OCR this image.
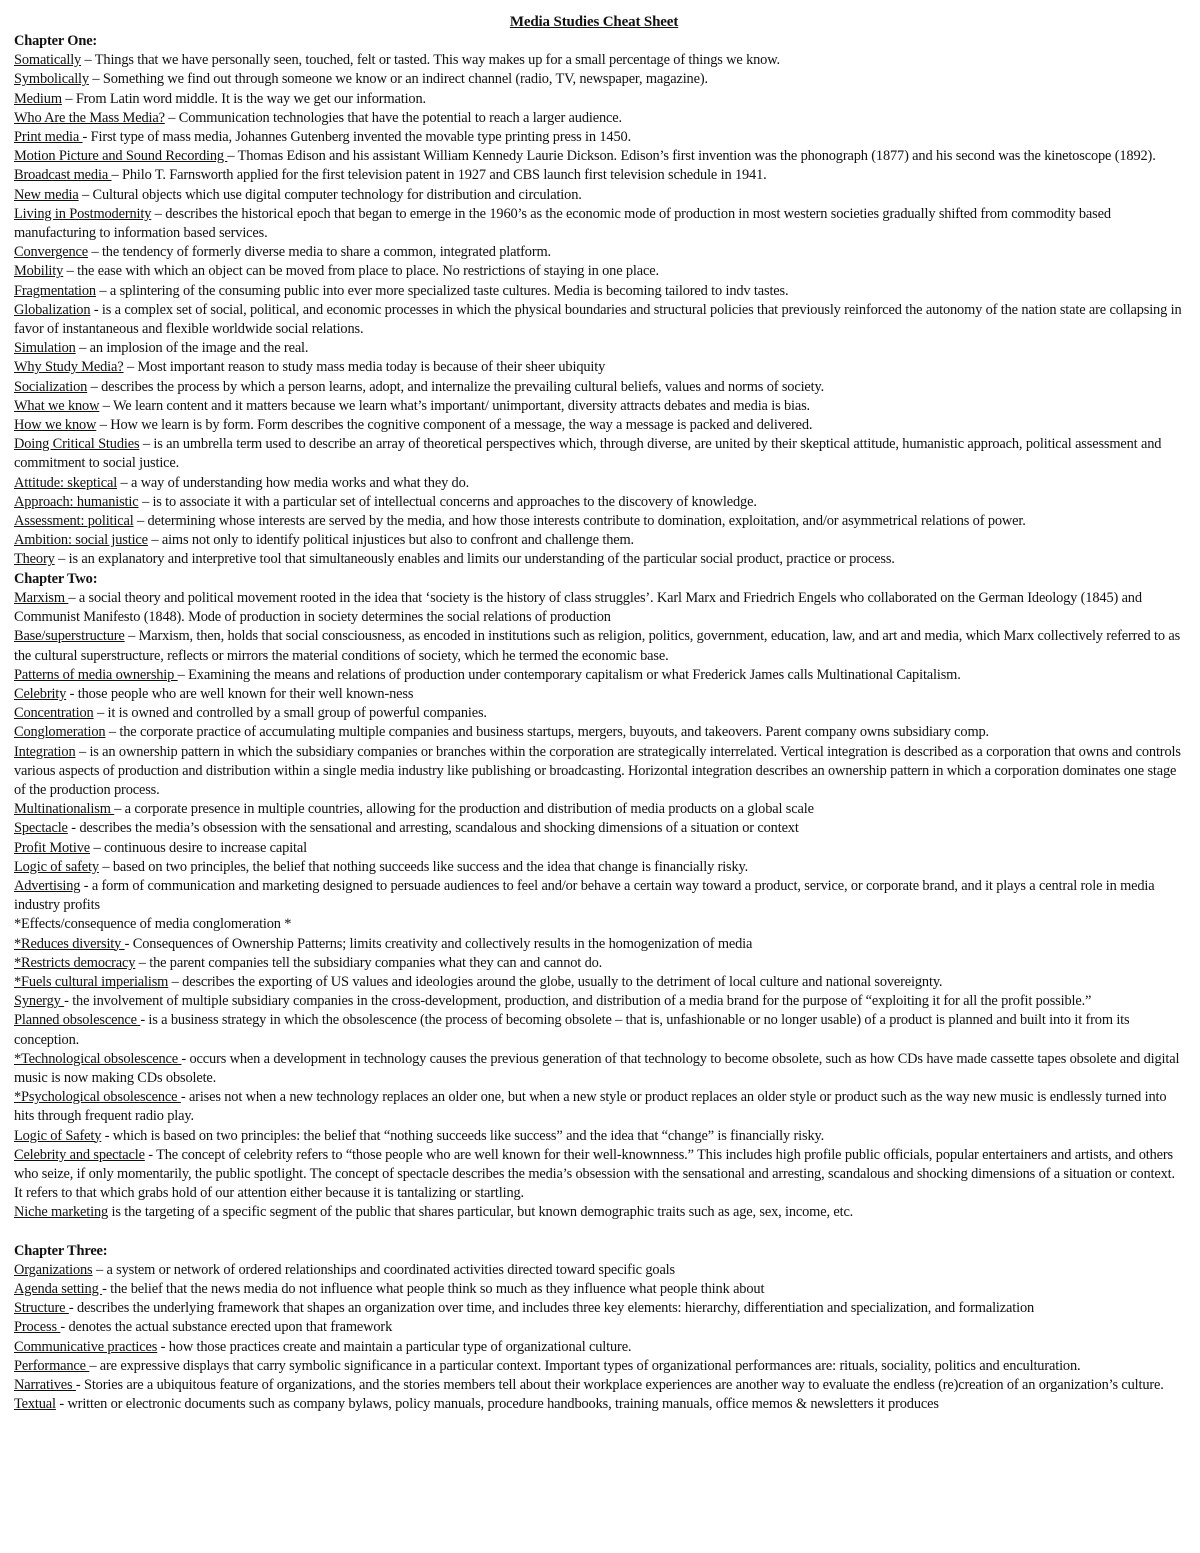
Media Studies Cheat Sheet
Chapter One:
Somatically – Things that we have personally seen, touched, felt or tasted. This way makes up for a small percentage of things we know.
Symbolically – Something we find out through someone we know or an indirect channel (radio, TV, newspaper, magazine).
Medium – From Latin word middle. It is the way we get our information.
Who Are the Mass Media? – Communication technologies that have the potential to reach a larger audience.
Print media - First type of mass media, Johannes Gutenberg invented the movable type printing press in 1450.
Motion Picture and Sound Recording – Thomas Edison and his assistant William Kennedy Laurie Dickson. Edison’s first invention was the phonograph (1877) and his second was the kinetoscope (1892).
Broadcast media – Philo T. Farnsworth applied for the first television patent in 1927 and CBS launch first television schedule in 1941.
New media – Cultural objects which use digital computer technology for distribution and circulation.
Living in Postmodernity – describes the historical epoch that began to emerge in the 1960’s as the economic mode of production in most western societies gradually shifted from commodity based manufacturing to information based services.
Convergence – the tendency of formerly diverse media to share a common, integrated platform.
Mobility – the ease with which an object can be moved from place to place. No restrictions of staying in one place.
Fragmentation – a splintering of the consuming public into ever more specialized taste cultures. Media is becoming tailored to indv tastes.
Globalization - is a complex set of social, political, and economic processes in which the physical boundaries and structural policies that previously reinforced the autonomy of the nation state are collapsing in favor of instantaneous and flexible worldwide social relations.
Simulation – an implosion of the image and the real.
Why Study Media? – Most important reason to study mass media today is because of their sheer ubiquity
Socialization – describes the process by which a person learns, adopt, and internalize the prevailing cultural beliefs, values and norms of society.
What we know – We learn content and it matters because we learn what’s important/ unimportant, diversity attracts debates and media is bias.
How we know – How we learn is by form. Form describes the cognitive component of a message, the way a message is packed and delivered.
Doing Critical Studies – is an umbrella term used to describe an array of theoretical perspectives which, through diverse, are united by their skeptical attitude, humanistic approach, political assessment and commitment to social justice.
Attitude: skeptical – a way of understanding how media works and what they do.
Approach: humanistic – is to associate it with a particular set of intellectual concerns and approaches to the discovery of knowledge.
Assessment: political – determining whose interests are served by the media, and how those interests contribute to domination, exploitation, and/or asymmetrical relations of power.
Ambition: social justice – aims not only to identify political injustices but also to confront and challenge them.
Theory – is an explanatory and interpretive tool that simultaneously enables and limits our understanding of the particular social product, practice or process.
Chapter Two:
Marxism – a social theory and political movement rooted in the idea that ‘society is the history of class struggles’. Karl Marx and Friedrich Engels who collaborated on the German Ideology (1845) and Communist Manifesto (1848). Mode of production in society determines the social relations of production
Base/superstructure – Marxism, then, holds that social consciousness, as encoded in institutions such as religion, politics, government, education, law, and art and media, which Marx collectively referred to as the cultural superstructure, reflects or mirrors the material conditions of society, which he termed the economic base.
Patterns of media ownership – Examining the means and relations of production under contemporary capitalism or what Frederick James calls Multinational Capitalism.
Celebrity - those people who are well known for their well known-ness
Concentration – it is owned and controlled by a small group of powerful companies.
Conglomeration – the corporate practice of accumulating multiple companies and business startups, mergers, buyouts, and takeovers. Parent company owns subsidiary comp.
Integration – is an ownership pattern in which the subsidiary companies or branches within the corporation are strategically interrelated. Vertical integration is described as a corporation that owns and controls various aspects of production and distribution within a single media industry like publishing or broadcasting. Horizontal integration describes an ownership pattern in which a corporation dominates one stage of the production process.
Multinationalism – a corporate presence in multiple countries, allowing for the production and distribution of media products on a global scale
Spectacle - describes the media’s obsession with the sensational and arresting, scandalous and shocking dimensions of a situation or context
Profit Motive – continuous desire to increase capital
Logic of safety – based on two principles, the belief that nothing succeeds like success and the idea that change is financially risky.
Advertising - a form of communication and marketing designed to persuade audiences to feel and/or behave a certain way toward a product, service, or corporate brand, and it plays a central role in media industry profits
*Effects/consequence of media conglomeration *
*Reduces diversity - Consequences of Ownership Patterns; limits creativity and collectively results in the homogenization of media
*Restricts democracy – the parent companies tell the subsidiary companies what they can and cannot do.
*Fuels cultural imperialism – describes the exporting of US values and ideologies around the globe, usually to the detriment of local culture and national sovereignty.
Synergy - the involvement of multiple subsidiary companies in the cross-development, production, and distribution of a media brand for the purpose of “exploiting it for all the profit possible.”
Planned obsolescence - is a business strategy in which the obsolescence (the process of becoming obsolete – that is, unfashionable or no longer usable) of a product is planned and built into it from its conception.
*Technological obsolescence - occurs when a development in technology causes the previous generation of that technology to become obsolete, such as how CDs have made cassette tapes obsolete and digital music is now making CDs obsolete.
*Psychological obsolescence - arises not when a new technology replaces an older one, but when a new style or product replaces an older style or product such as the way new music is endlessly turned into hits through frequent radio play.
Logic of Safety - which is based on two principles: the belief that “nothing succeeds like success” and the idea that “change” is financially risky.
Celebrity and spectacle - The concept of celebrity refers to “those people who are well known for their well-knownness.” This includes high profile public officials, popular entertainers and artists, and others who seize, if only momentarily, the public spotlight. The concept of spectacle describes the media’s obsession with the sensational and arresting, scandalous and shocking dimensions of a situation or context. It refers to that which grabs hold of our attention either because it is tantalizing or startling.
Niche marketing is the targeting of a specific segment of the public that shares particular, but known demographic traits such as age, sex, income, etc.
Chapter Three:
Organizations – a system or network of ordered relationships and coordinated activities directed toward specific goals
Agenda setting - the belief that the news media do not influence what people think so much as they influence what people think about
Structure - describes the underlying framework that shapes an organization over time, and includes three key elements: hierarchy, differentiation and specialization, and formalization
Process - denotes the actual substance erected upon that framework
Communicative practices - how those practices create and maintain a particular type of organizational culture.
Performance – are expressive displays that carry symbolic significance in a particular context. Important types of organizational performances are: rituals, sociality, politics and enculturation.
Narratives - Stories are a ubiquitous feature of organizations, and the stories members tell about their workplace experiences are another way to evaluate the endless (re)creation of an organization’s culture.
Textual - written or electronic documents such as company bylaws, policy manuals, procedure handbooks, training manuals, office memos & newsletters it produces
